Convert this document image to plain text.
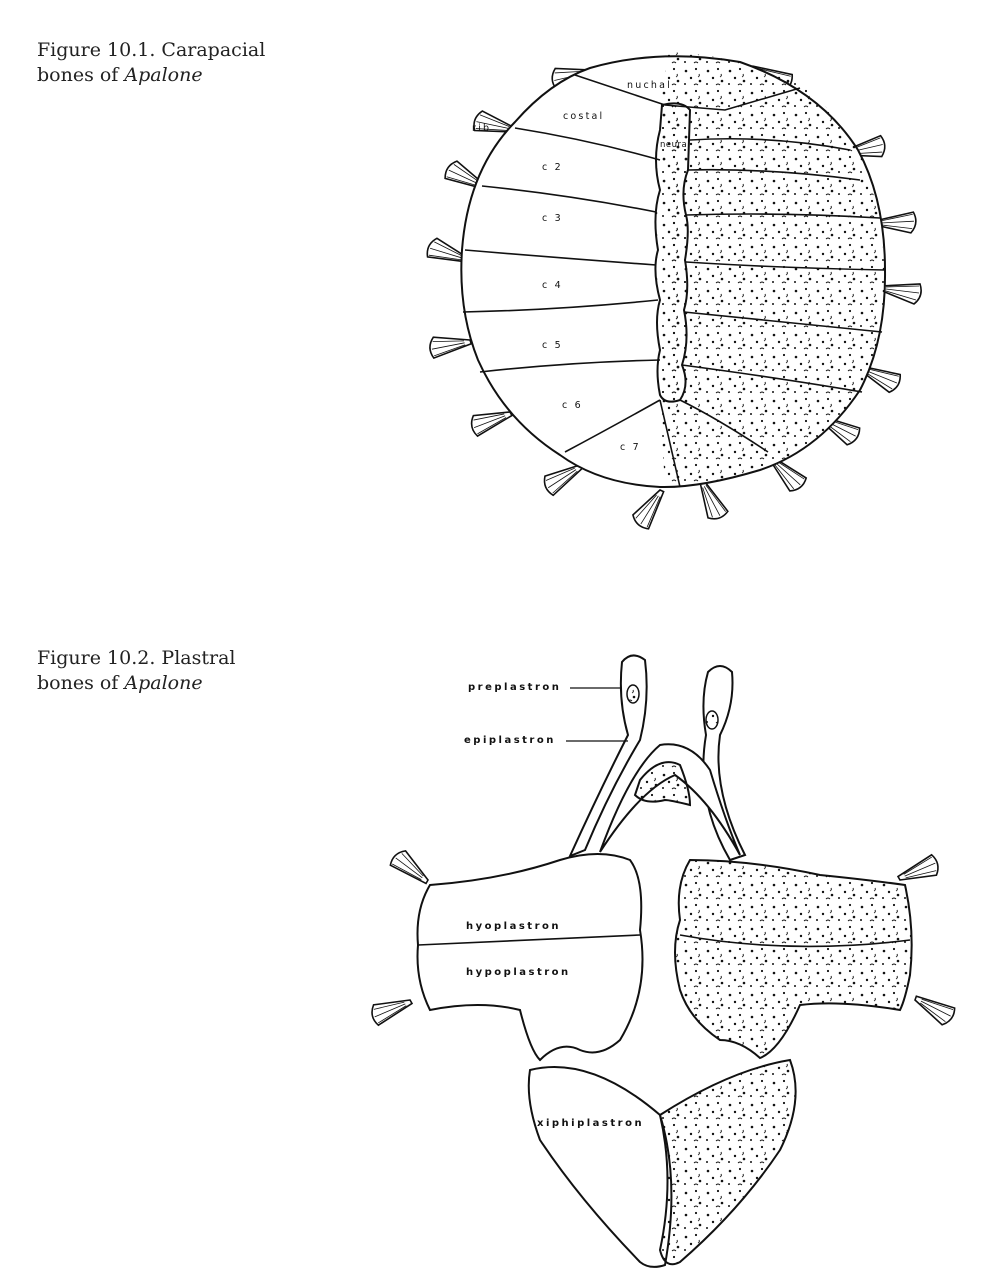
Figure 10.1. Carapacial
bones of Apalone
Figure 10.2. Plastral
bones of Apalone
nuchal
costal
rib
neural
c 2
c 3
c 4
c 5
c 6
c 7
preplastron
epiplastron
hyoplastron
hypoplastron
xiphiplastron
